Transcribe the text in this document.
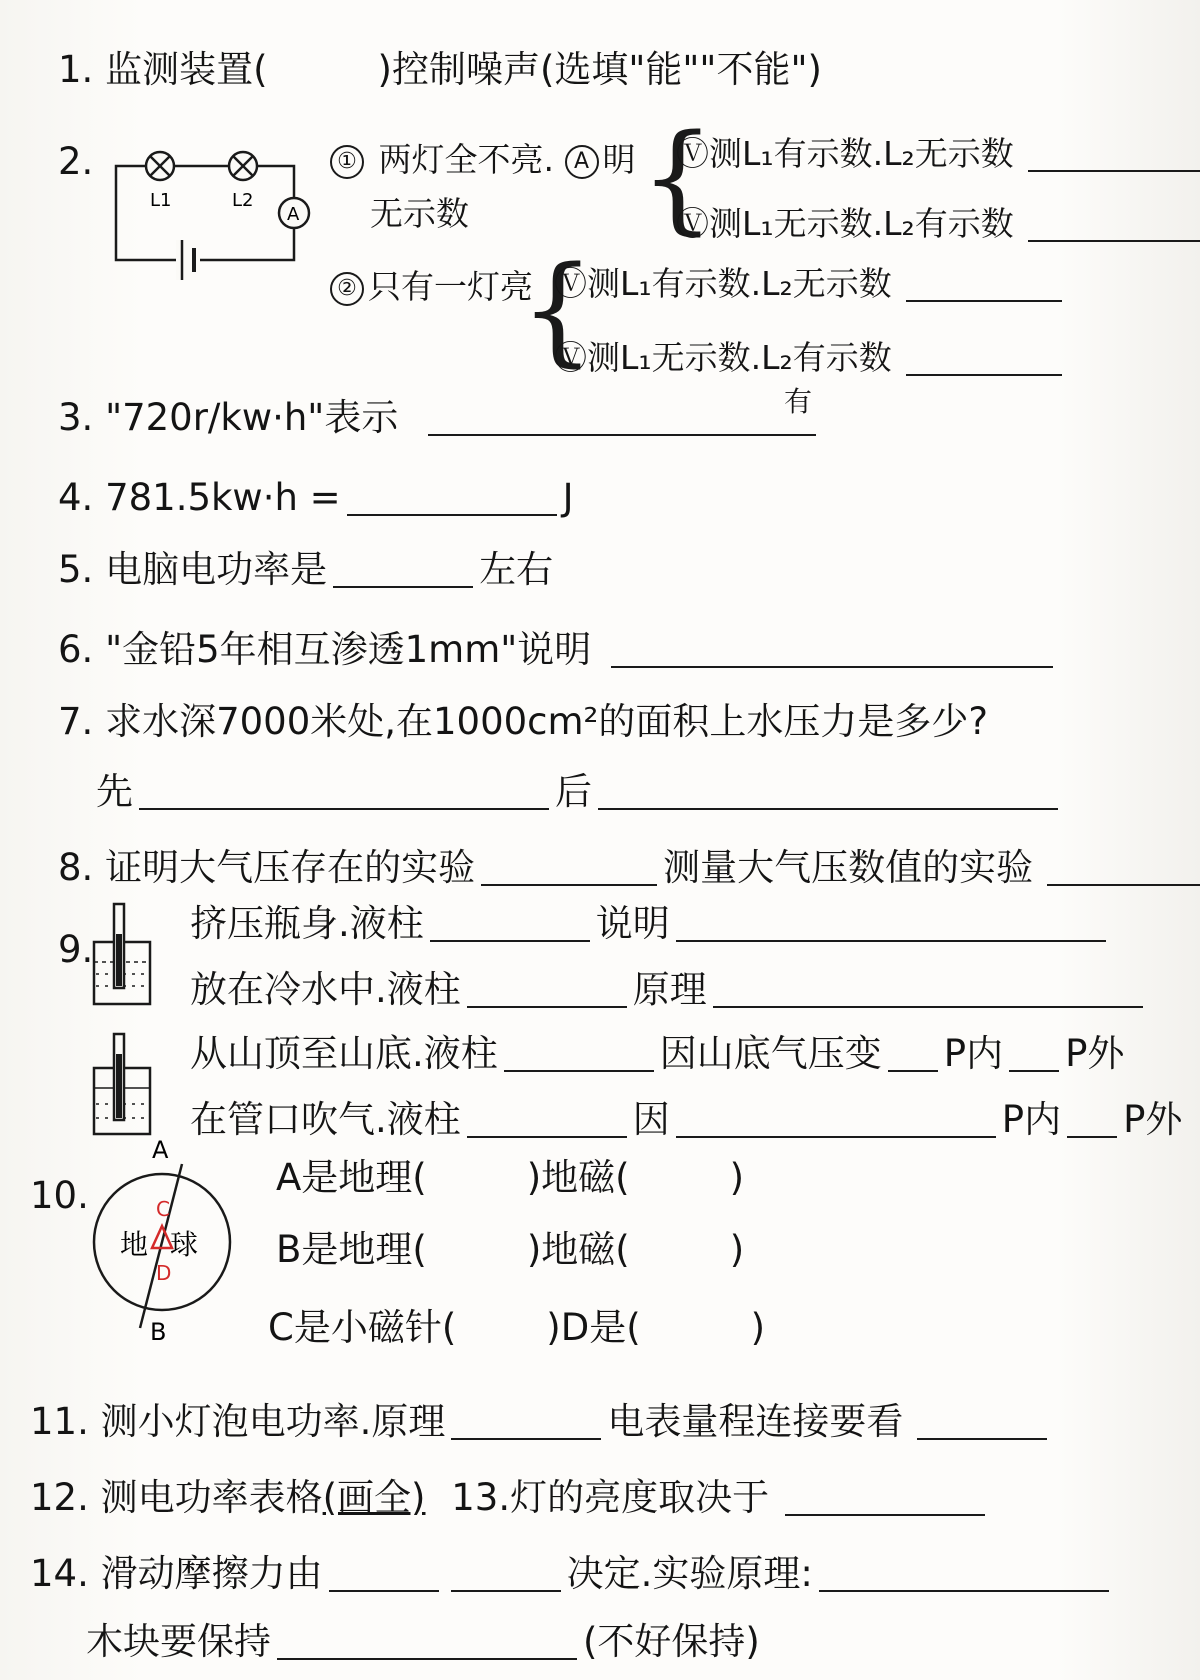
1. 监测装置(	)控制噪声(选填"能""不能")
2.
L1	L2
A
① 两灯全不亮. A 明
无示数 {
Ⓥ测L₁有示数.L₂无示数
Ⓥ测L₁无示数.L₂有示数
② 只有一灯亮
{
Ⓥ测L₁有示数.L₂无示数
Ⓥ测L₁无示数.L₂有示数
有
3. "720r/kw·h"表示
4. 781.5kw·h =	J
5. 电脑电功率是	左右
6. "金铅5年相互渗透1mm"说明
7. 求水深7000米处,在1000cm²的面积上水压力是多少?
先	后
8. 证明大气压存在的实验	测量大气压数值的实验
9.
挤压瓶身.液柱	说明
放在冷水中.液柱	原理
从山顶至山底.液柱	因山底气压变 P内 P外
在管口吹气.液柱	因	P内 P外
10.	C
D
A
B
地球
A是地理(	)地磁(	)
B是地理(	)地磁(	)
C是小磁针( )D是(	)
11. 测小灯泡电功率.原理	电表量程连接要看
12. 测电功率表格(画全) 13.灯的亮度取决于
14. 滑动摩擦力由	决定.实验原理:
木块要保持	(不好保持)
